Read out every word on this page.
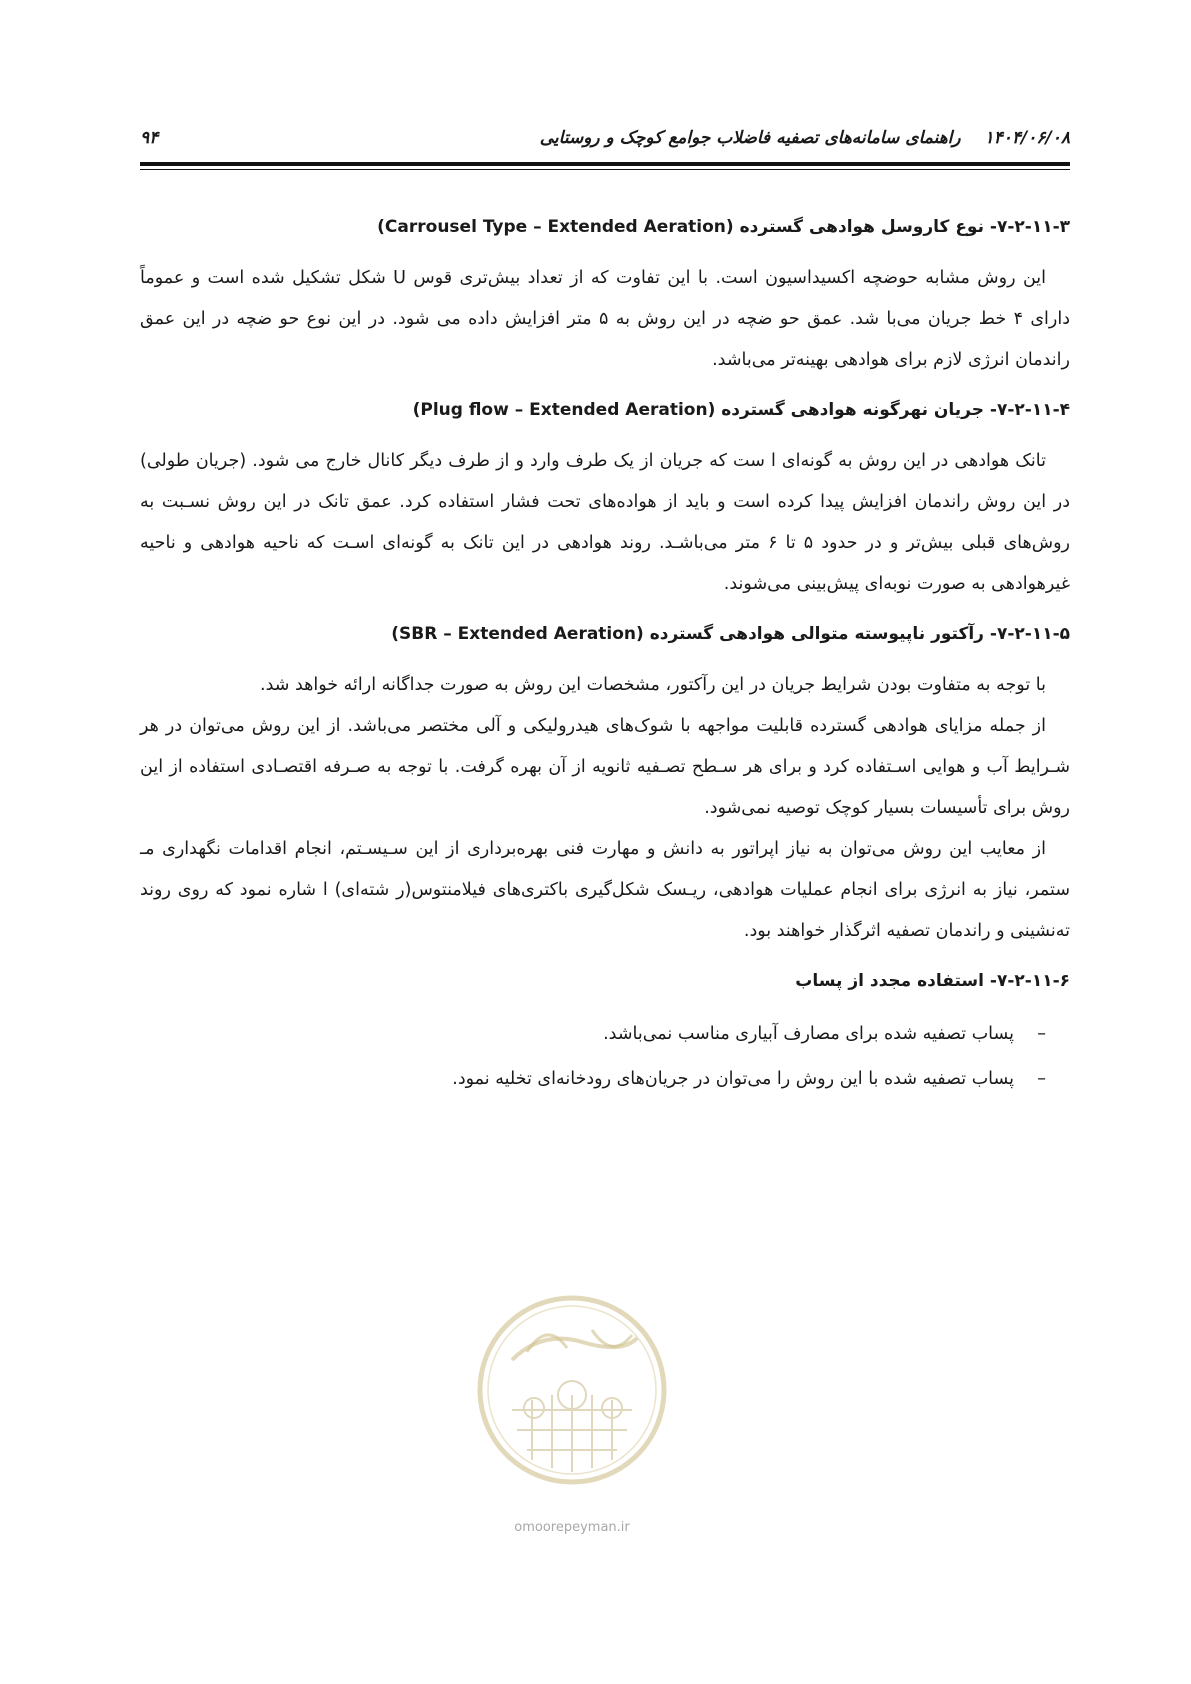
۱۴۰۴/۰۶/۰۸ راهنمای سامانه‌های تصفیه فاضلاب جوامع کوچک و روستایی
۹۴
۷-۲-۱۱-۳- نوع کاروسل هوادهی گسترده (Carrousel Type – Extended Aeration)

این روش مشابه حوضچه اکسیداسیون است. با این تفاوت که از تعداد بیش‌تری قوس U شکل تشکیل شده است و عموماً دارای ۴ خط جریان می‌با شد. عمق حو ضچه در این روش به ۵ متر افزایش داده می شود. در این نوع حو ضچه در این عمق راندمان انرژی لازم برای هوادهی بهینه‌تر می‌باشد.

۷-۲-۱۱-۴- جریان نهرگونه هوادهی گسترده (Plug flow – Extended Aeration)

تانک هوادهی در این روش به گونه‌ای ا ست که جریان از یک طرف وارد و از طرف دیگر کانال خارج می شود. (جریان طولی) در این روش راندمان افزایش پیدا کرده است و باید از هواده‌های تحت فشار استفاده کرد. عمق تانک در این روش نسـبت به روش‌های قبلی بیش‌تر و در حدود ۵ تا ۶ متر می‌باشـد. روند هوادهی در این تانک به گونه‌ای اسـت که ناحیه هوادهی و ناحیه غیرهوادهی به صورت نوبه‌ای پیش‌بینی می‌شوند.

۷-۲-۱۱-۵- رآکتور ناپیوسته متوالی هوادهی گسترده (SBR – Extended Aeration)

با توجه به متفاوت بودن شرایط جریان در این رآکتور، مشخصات این روش به صورت جداگانه ارائه خواهد شد.

از جمله مزایای هوادهی گسترده قابلیت مواجهه با شوک‌های هیدرولیکی و آلی مختصر می‌باشد. از این روش می‌توان در هر شـرایط آب و هوایی اسـتفاده کرد و برای هر سـطح تصـفیه ثانویه از آن بهره گرفت. با توجه به صـرفه اقتصـادی استفاده از این روش برای تأسیسات بسیار کوچک توصیه نمی‌شود.

از معایب این روش می‌توان به نیاز اپراتور به دانش و مهارت فنی بهره‌برداری از این سـیسـتم، انجام اقدامات نگهداری مـ ستمر، نیاز به انرژی برای انجام عملیات هوادهی، ریـسک شکل‌گیری باکتری‌های فیلامنتوس(ر شته‌ای) ا شاره نمود که روی روند ته‌نشینی و راندمان تصفیه اثرگذار خواهند بود.

۷-۲-۱۱-۶- استفاده مجدد از پساب
–
پساب تصفیه شده برای مصارف آبیاری مناسب نمی‌باشد.
–
پساب تصفیه شده با این روش را می‌توان در جریان‌های رودخانه‌ای تخلیه نمود.
omoorepeyman.ir
